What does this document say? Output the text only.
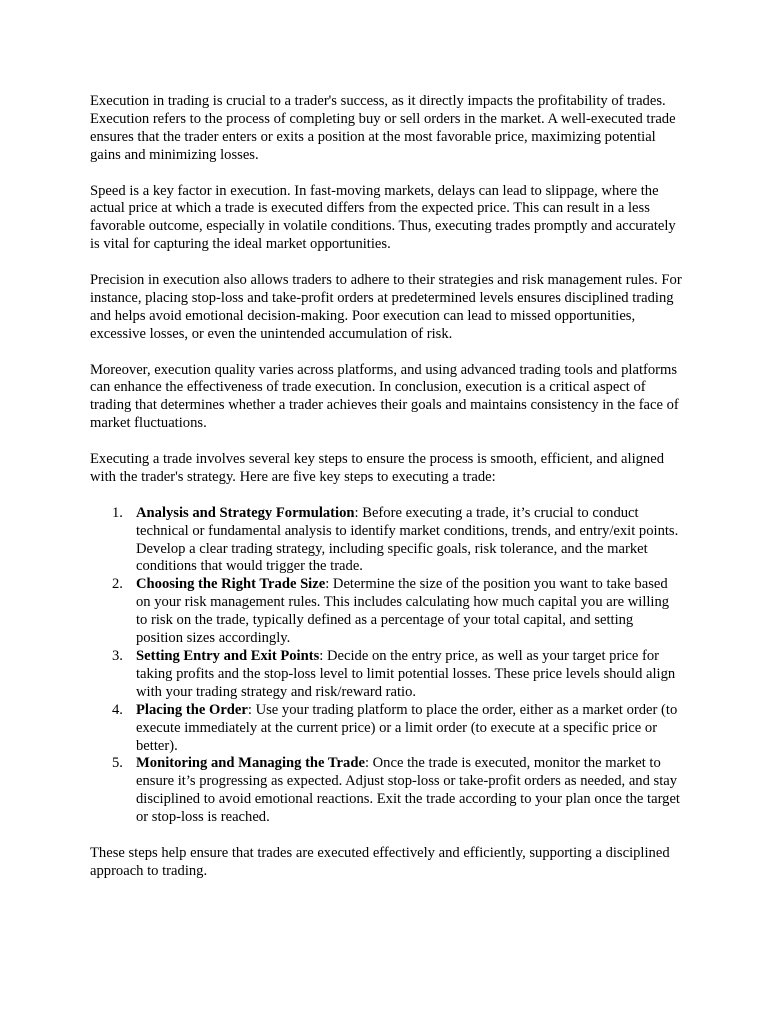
Execution in trading is crucial to a trader's success, as it directly impacts the profitability of trades. Execution refers to the process of completing buy or sell orders in the market. A well-executed trade ensures that the trader enters or exits a position at the most favorable price, maximizing potential gains and minimizing losses.

Speed is a key factor in execution. In fast-moving markets, delays can lead to slippage, where the actual price at which a trade is executed differs from the expected price. This can result in a less favorable outcome, especially in volatile conditions. Thus, executing trades promptly and accurately is vital for capturing the ideal market opportunities.

Precision in execution also allows traders to adhere to their strategies and risk management rules. For instance, placing stop-loss and take-profit orders at predetermined levels ensures disciplined trading and helps avoid emotional decision-making. Poor execution can lead to missed opportunities, excessive losses, or even the unintended accumulation of risk.

Moreover, execution quality varies across platforms, and using advanced trading tools and platforms can enhance the effectiveness of trade execution. In conclusion, execution is a critical aspect of trading that determines whether a trader achieves their goals and maintains consistency in the face of market fluctuations.

Executing a trade involves several key steps to ensure the process is smooth, efficient, and aligned with the trader's strategy. Here are five key steps to executing a trade:

1. Analysis and Strategy Formulation: Before executing a trade, it’s crucial to conduct technical or fundamental analysis to identify market conditions, trends, and entry/exit points. Develop a clear trading strategy, including specific goals, risk tolerance, and the market conditions that would trigger the trade.
2. Choosing the Right Trade Size: Determine the size of the position you want to take based on your risk management rules. This includes calculating how much capital you are willing to risk on the trade, typically defined as a percentage of your total capital, and setting position sizes accordingly.
3. Setting Entry and Exit Points: Decide on the entry price, as well as your target price for taking profits and the stop-loss level to limit potential losses. These price levels should align with your trading strategy and risk/reward ratio.
4. Placing the Order: Use your trading platform to place the order, either as a market order (to execute immediately at the current price) or a limit order (to execute at a specific price or better).
5. Monitoring and Managing the Trade: Once the trade is executed, monitor the market to ensure it’s progressing as expected. Adjust stop-loss or take-profit orders as needed, and stay disciplined to avoid emotional reactions. Exit the trade according to your plan once the target or stop-loss is reached.

These steps help ensure that trades are executed effectively and efficiently, supporting a disciplined approach to trading.
